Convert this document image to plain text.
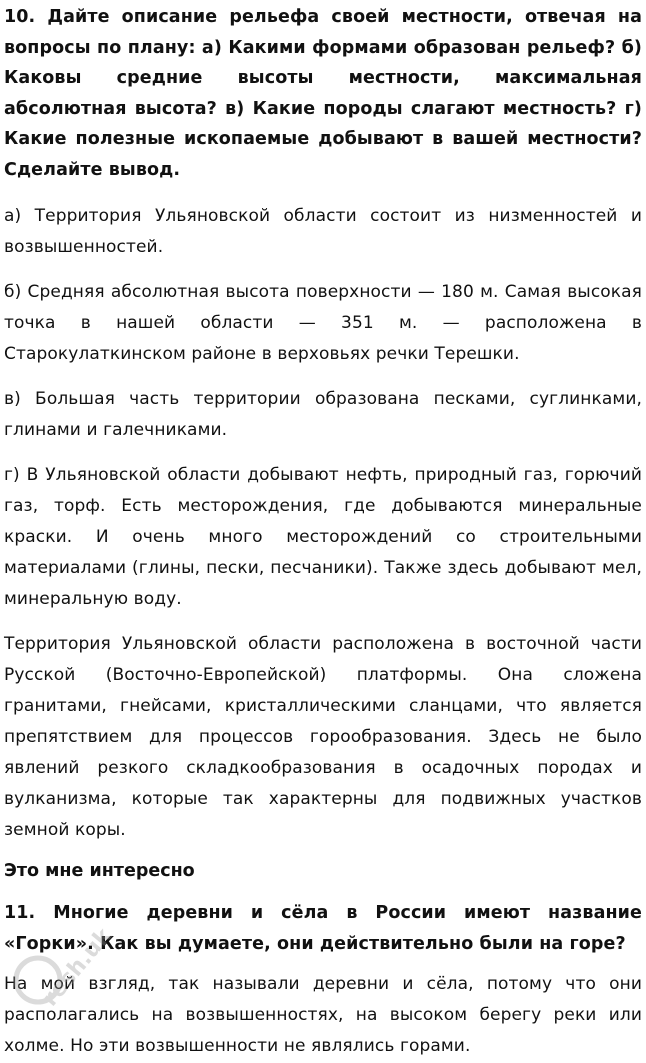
10. Дайте описание рельефа своей местности, отвечая на вопросы по плану: а) Какими формами образован рельеф? б) Каковы средние высоты местности, максимальная абсолютная высота? в) Какие породы слагают местность? г) Какие полезные ископаемые добывают в вашей местности? Сделайте вывод.

а) Территория Ульяновской области состоит из низменностей и возвышенностей.

б) Средняя абсолютная высота поверхности — 180 м. Самая высокая точка в нашей области — 351 м. — расположена в Старокулаткинском районе в верховьях речки Терешки.

в) Большая часть территории образована песками, суглинками, глинами и галечниками.

г) В Ульяновской области добывают нефть, природный газ, горючий газ, торф. Есть месторождения, где добываются минеральные краски. И очень много месторождений со строительными материалами (глины, пески, песчаники). Также здесь добывают мел, минеральную воду.

Территория Ульяновской области расположена в восточной части Русской (Восточно-Европейской) платформы. Она сложена гранитами, гнейсами, кристаллическими сланцами, что является препятствием для процессов горообразования. Здесь не было явлений резкого складкообразования в осадочных породах и вулканизма, которые так характерны для подвижных участков земной коры.

Это мне интересно

11. Многие деревни и сёла в России имеют название «Горки». Как вы думаете, они действительно были на горе?

На мой взгляд, так называли деревни и сёла, потому что они располагались на возвышенностях, на высоком берегу реки или холме. Но эти возвышенности не являлись горами.

resh.uk
